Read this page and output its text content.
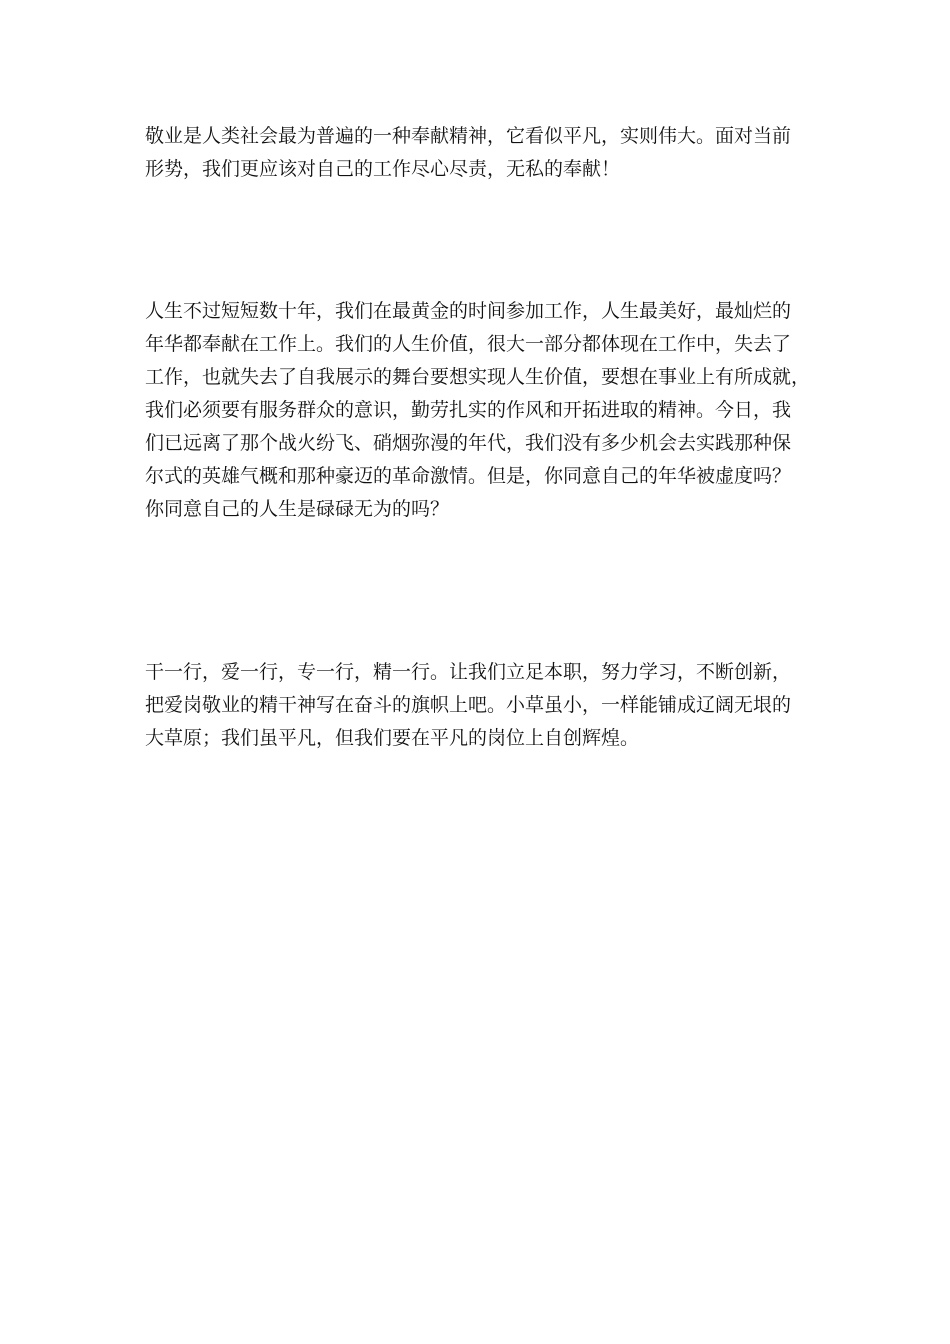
敬业是人类社会最为普遍的一种奉献精神，它看似平凡，实则伟大。面对当前
形势，我们更应该对自己的工作尽心尽责，无私的奉献！

人生不过短短数十年，我们在最黄金的时间参加工作，人生最美好，最灿烂的
年华都奉献在工作上。我们的人生价值，很大一部分都体现在工作中，失去了
工作，也就失去了自我展示的舞台要想实现人生价值，要想在事业上有所成就，
我们必须要有服务群众的意识，勤劳扎实的作风和开拓进取的精神。今日，我
们已远离了那个战火纷飞、硝烟弥漫的年代，我们没有多少机会去实践那种保
尔式的英雄气概和那种豪迈的革命激情。但是，你同意自己的年华被虚度吗？
你同意自己的人生是碌碌无为的吗？

干一行，爱一行，专一行，精一行。让我们立足本职，努力学习，不断创新，
把爱岗敬业的精干神写在奋斗的旗帜上吧。小草虽小，一样能铺成辽阔无垠的
大草原；我们虽平凡，但我们要在平凡的岗位上自创辉煌。
